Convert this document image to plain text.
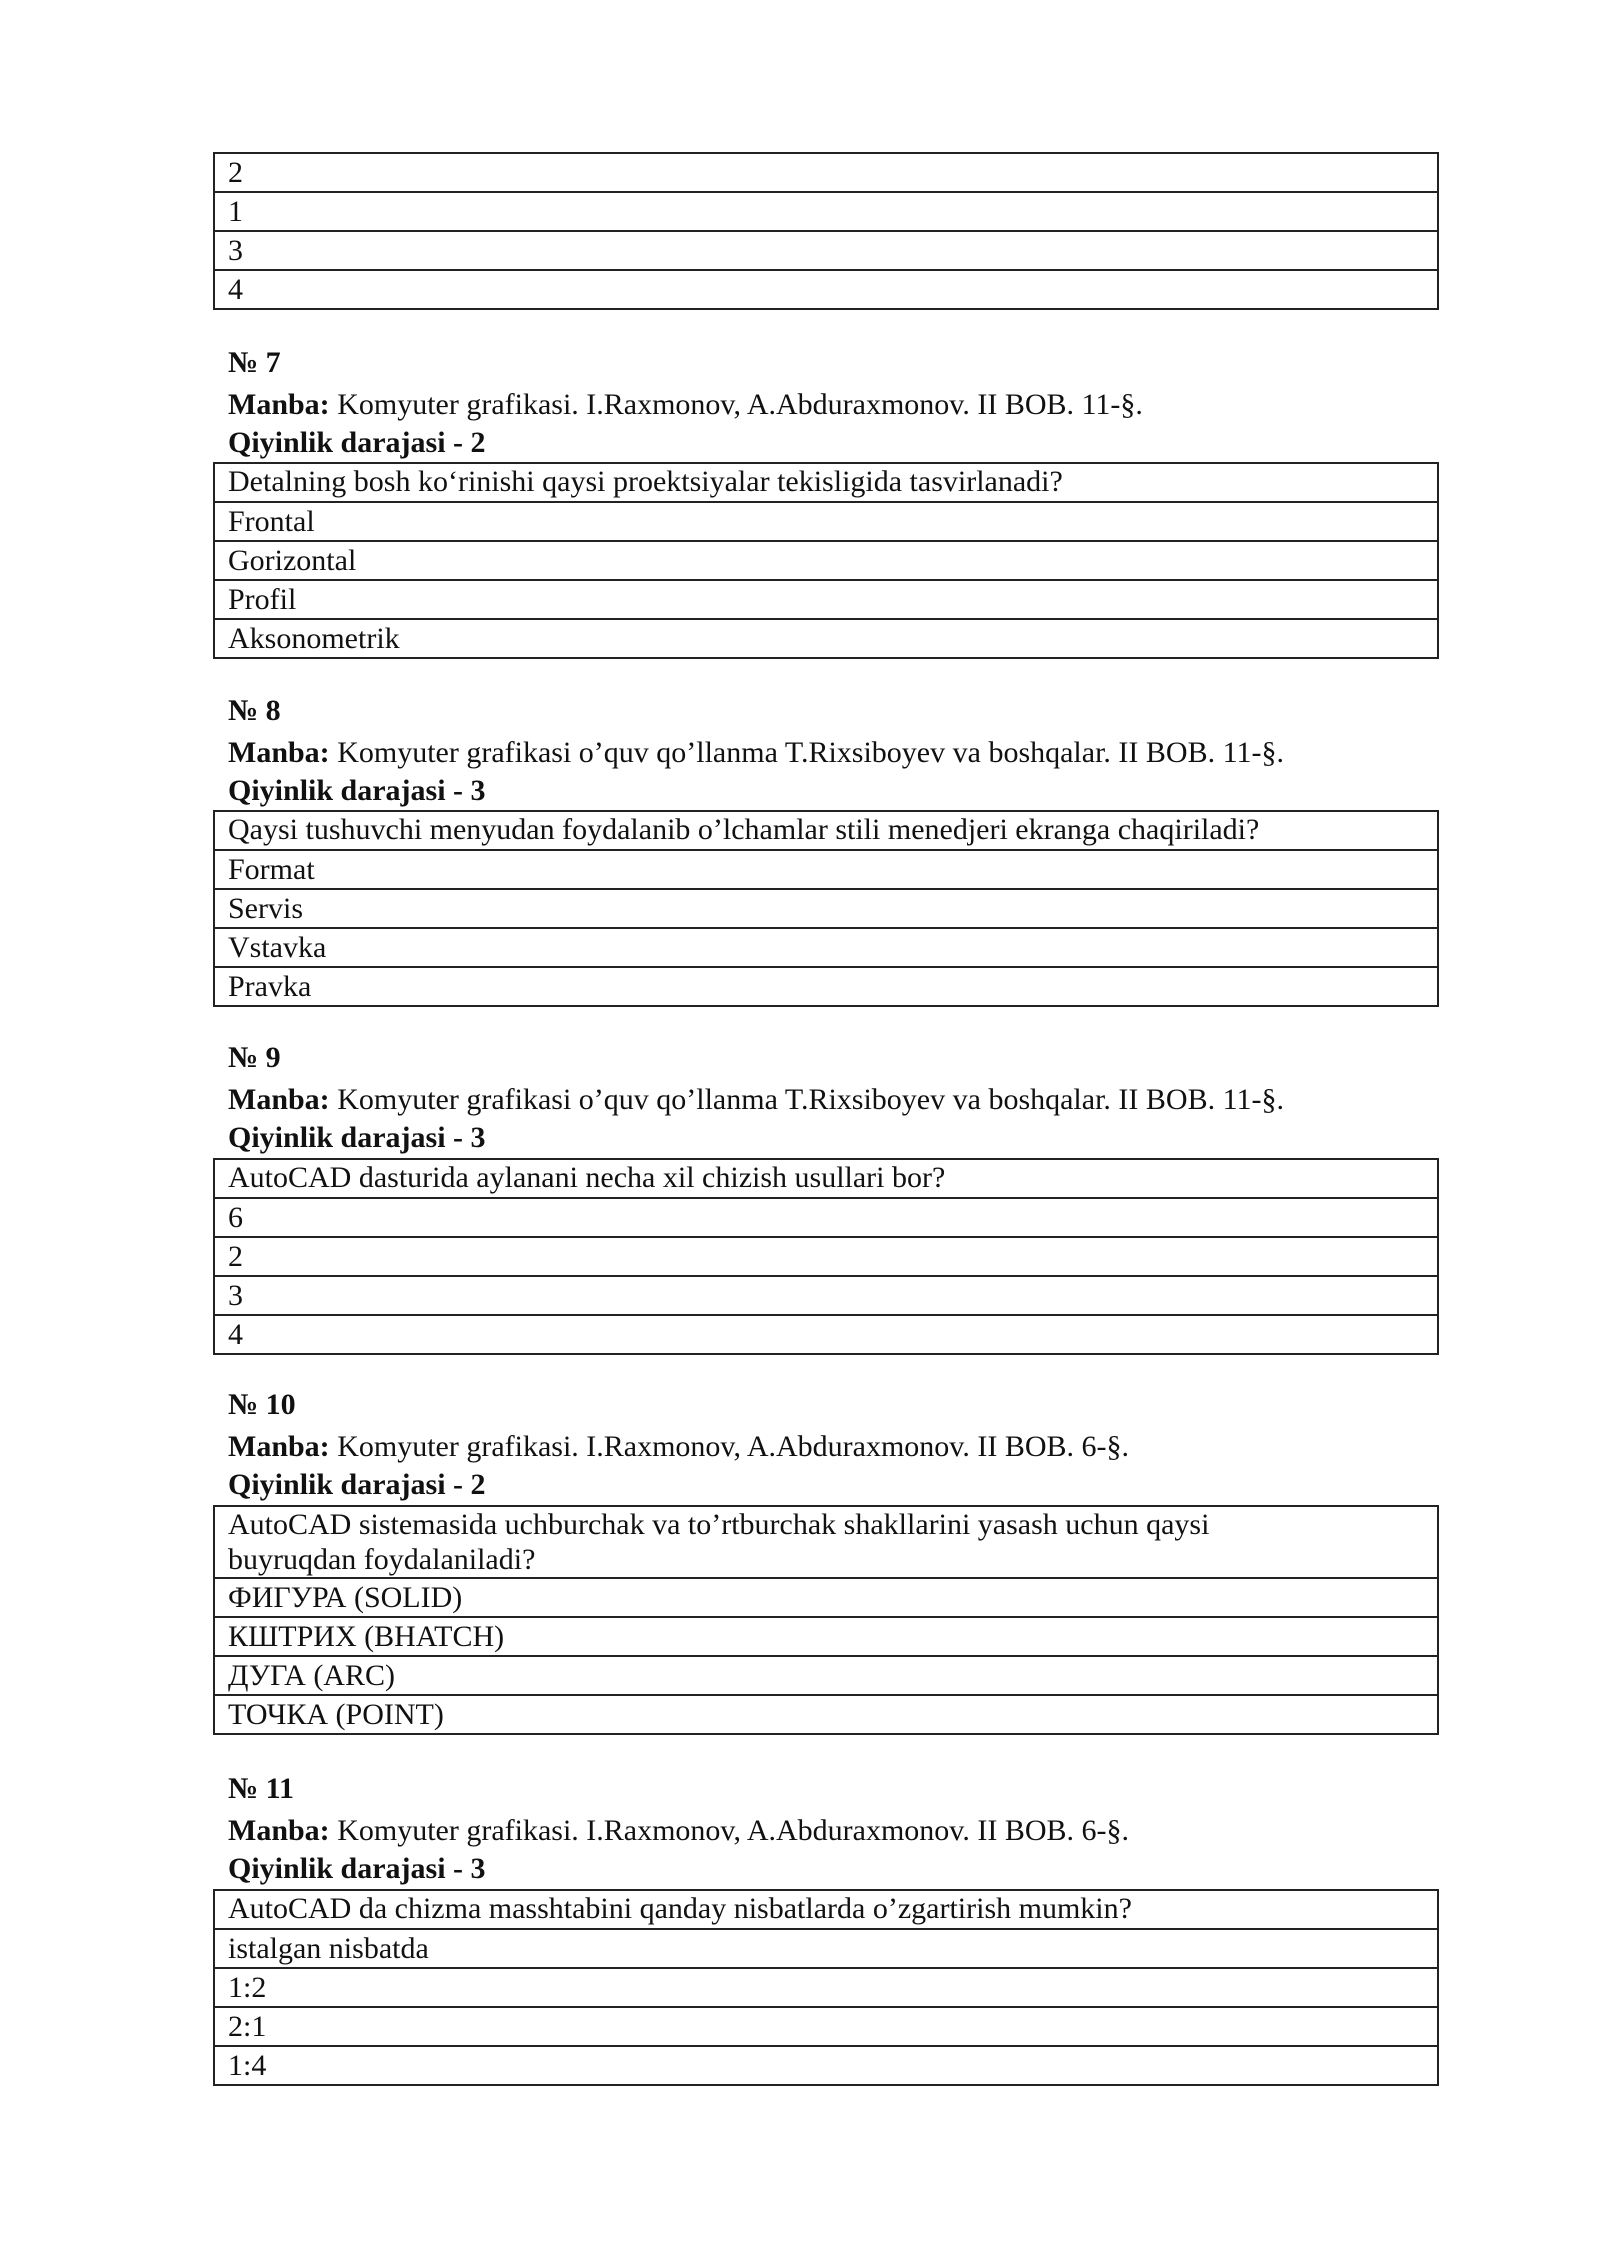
2
1
3
4
№ 7
Manba: Komyuter grafikasi. I.Raxmonov, A.Abduraxmonov. II BOB. 11-§.
Qiyinlik darajasi - 2
Detalning bosh ko‘rinishi qaysi proektsiyalar tekisligida tasvirlanadi?
Frontal
Gorizontal
Profil
Aksonometrik
№ 8
Manba: Komyuter grafikasi o’quv qo’llanma T.Rixsiboyev va boshqalar. II BOB. 11-§.
Qiyinlik darajasi - 3
Qaysi tushuvchi menyudan foydalanib o’lchamlar stili menedjeri ekranga chaqiriladi?
Format
Servis
Vstavka
Pravka
№ 9
Manba: Komyuter grafikasi o’quv qo’llanma T.Rixsiboyev va boshqalar. II BOB. 11-§.
Qiyinlik darajasi - 3
AutoCAD dasturida aylanani necha xil chizish usullari bor?
6
2
3
4
№ 10
Manba: Komyuter grafikasi. I.Raxmonov, A.Abduraxmonov. II BOB. 6-§.
Qiyinlik darajasi - 2
AutoCAD sistemasida uchburchak va to’rtburchak shakllarini yasash uchun qaysi buyruqdan foydalaniladi?
ФИГУРА (SOLID)
КШТРИХ (BHATCH)
ДУГА (ARC)
ТОЧКА (POINT)
№ 11
Manba: Komyuter grafikasi. I.Raxmonov, A.Abduraxmonov. II BOB. 6-§.
Qiyinlik darajasi - 3
AutoCAD da chizma masshtabini qanday nisbatlarda o’zgartirish mumkin?
istalgan nisbatda
1:2
2:1
1:4
